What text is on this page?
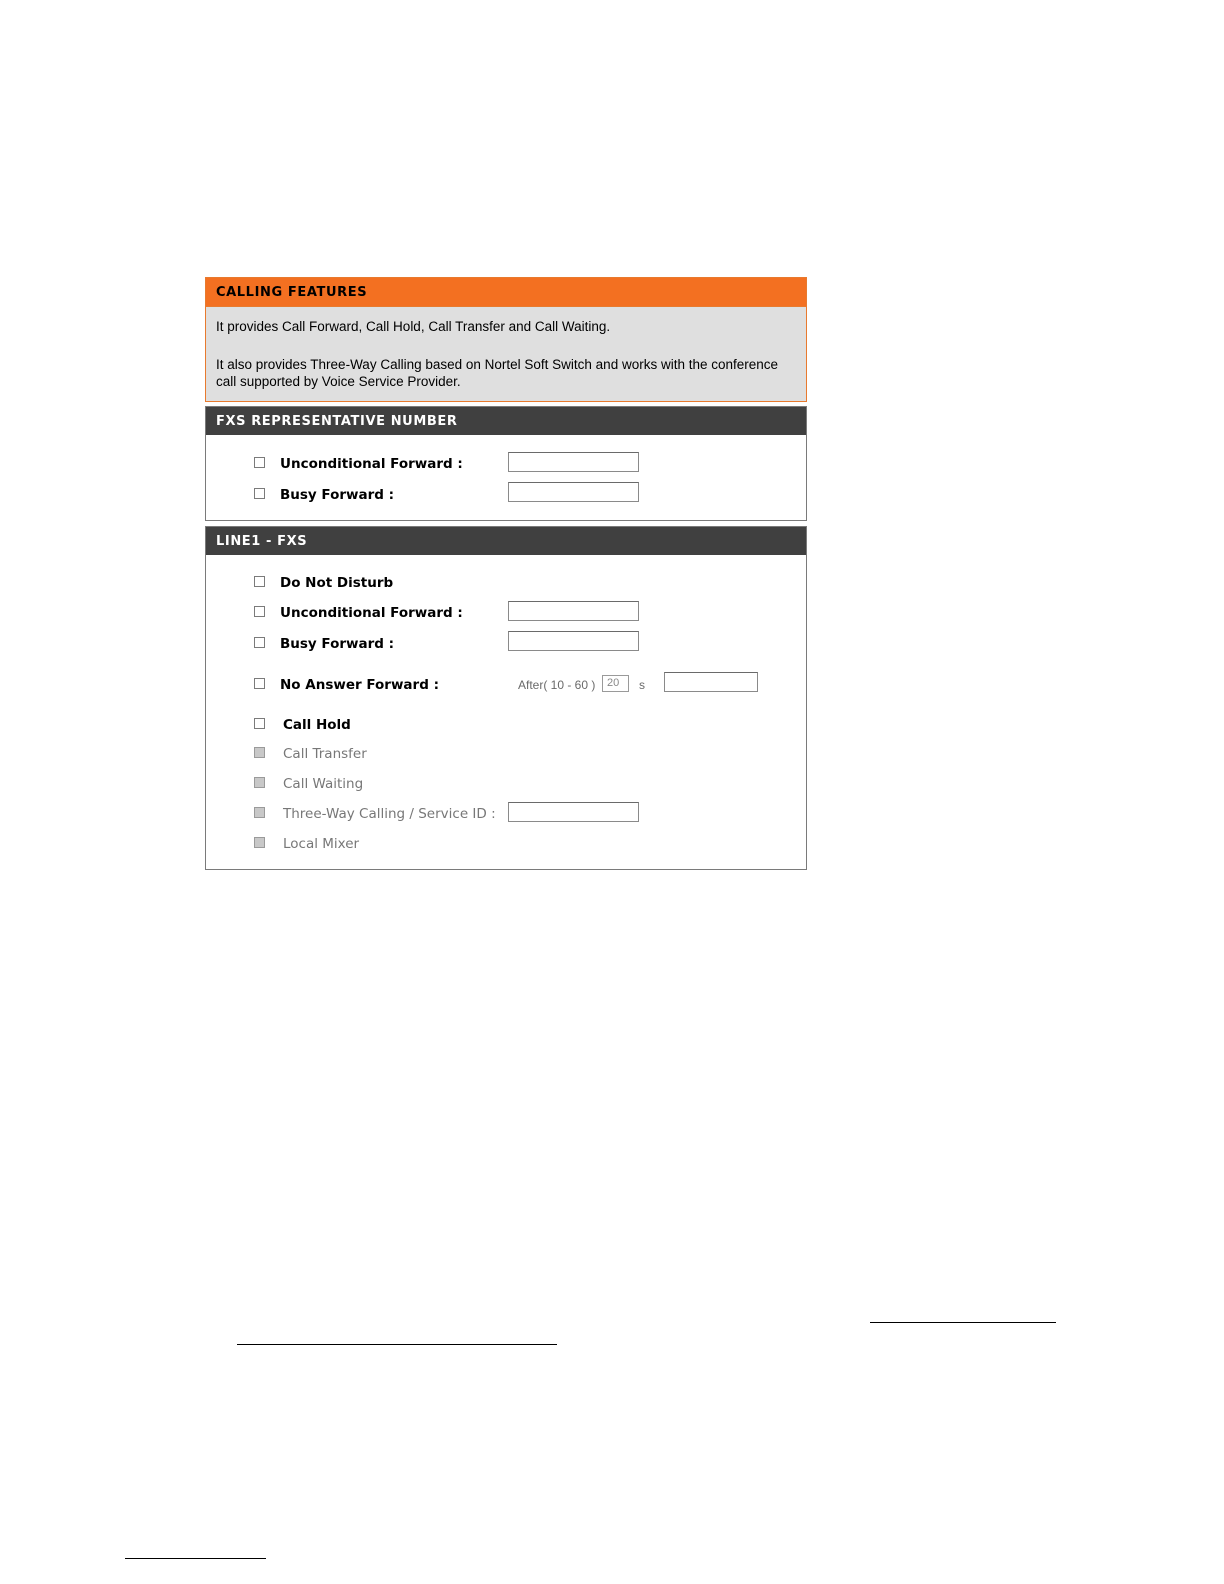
CALLING FEATURES

It provides Call Forward, Call Hold, Call Transfer and Call Waiting.

It also provides Three-Way Calling based on Nortel Soft Switch and works with the conference call supported by Voice Service Provider.

FXS REPRESENTATIVE NUMBER
Unconditional Forward :
Busy Forward :
LINE1 - FXS
Do Not Disturb
Unconditional Forward :
Busy Forward :
No Answer Forward :	After( 10 - 60 )	20	s
Call Hold
Call Transfer
Call Waiting
Three-Way Calling / Service ID :
Local Mixer
